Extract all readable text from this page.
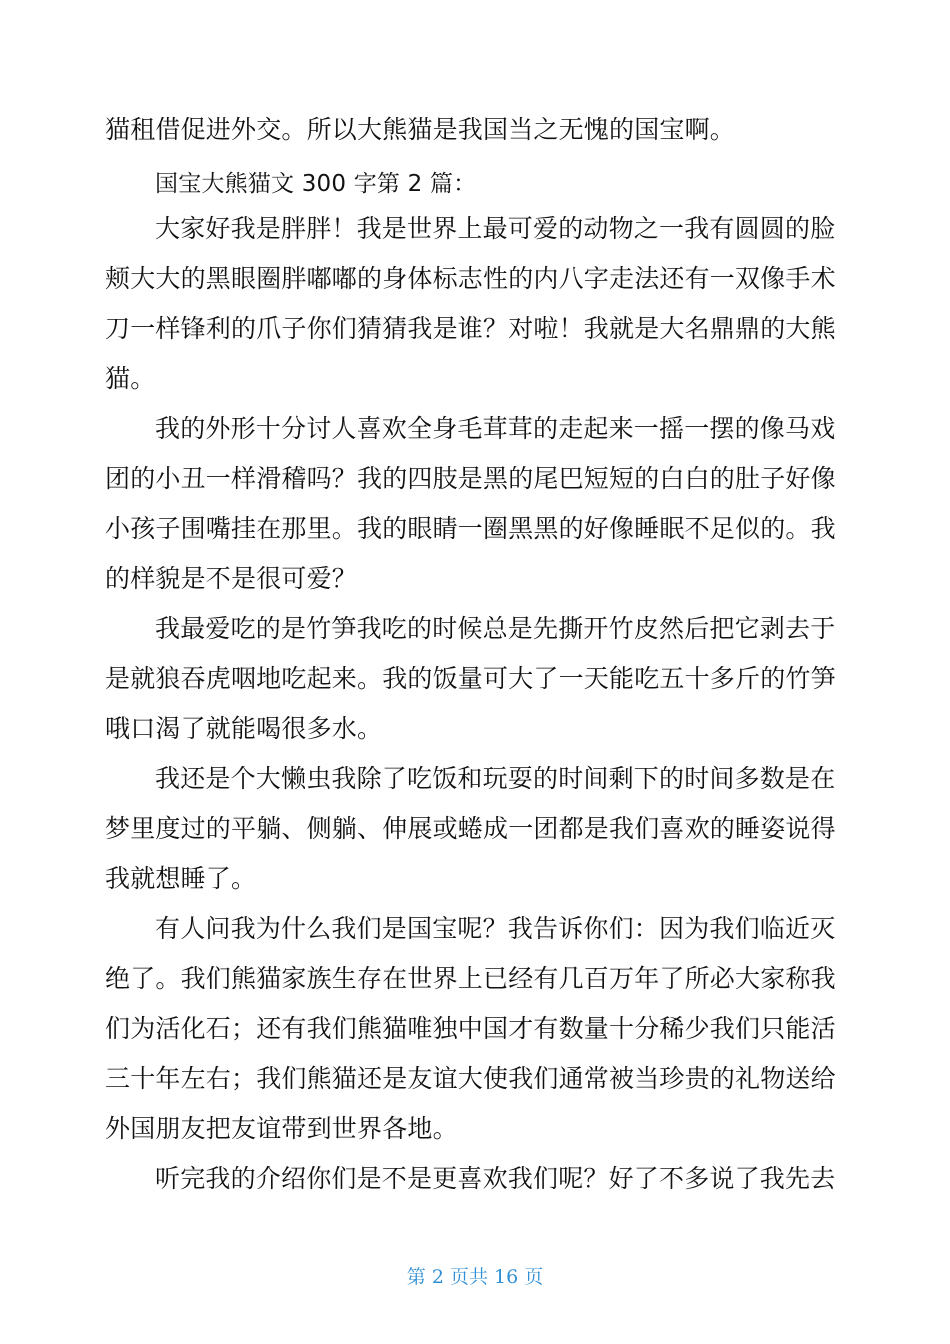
猫租借促进外交。所以大熊猫是我国当之无愧的国宝啊。
国宝大熊猫文 300 字第 2 篇：
大家好我是胖胖！我是世界上最可爱的动物之一我有圆圆的脸
颊大大的黑眼圈胖嘟嘟的身体标志性的内八字走法还有一双像手术
刀一样锋利的爪子你们猜猜我是谁？对啦！我就是大名鼎鼎的大熊
猫。
我的外形十分讨人喜欢全身毛茸茸的走起来一摇一摆的像马戏
团的小丑一样滑稽吗？我的四肢是黑的尾巴短短的白白的肚子好像
小孩子围嘴挂在那里。我的眼睛一圈黑黑的好像睡眠不足似的。我
的样貌是不是很可爱？
我最爱吃的是竹笋我吃的时候总是先撕开竹皮然后把它剥去于
是就狼吞虎咽地吃起来。我的饭量可大了一天能吃五十多斤的竹笋
哦口渴了就能喝很多水。
我还是个大懒虫我除了吃饭和玩耍的时间剩下的时间多数是在
梦里度过的平躺、侧躺、伸展或蜷成一团都是我们喜欢的睡姿说得
我就想睡了。
有人问我为什么我们是国宝呢？我告诉你们：因为我们临近灭
绝了。我们熊猫家族生存在世界上已经有几百万年了所必大家称我
们为活化石；还有我们熊猫唯独中国才有数量十分稀少我们只能活
三十年左右；我们熊猫还是友谊大使我们通常被当珍贵的礼物送给
外国朋友把友谊带到世界各地。
听完我的介绍你们是不是更喜欢我们呢？好了不多说了我先去
第 2 页共 16 页
